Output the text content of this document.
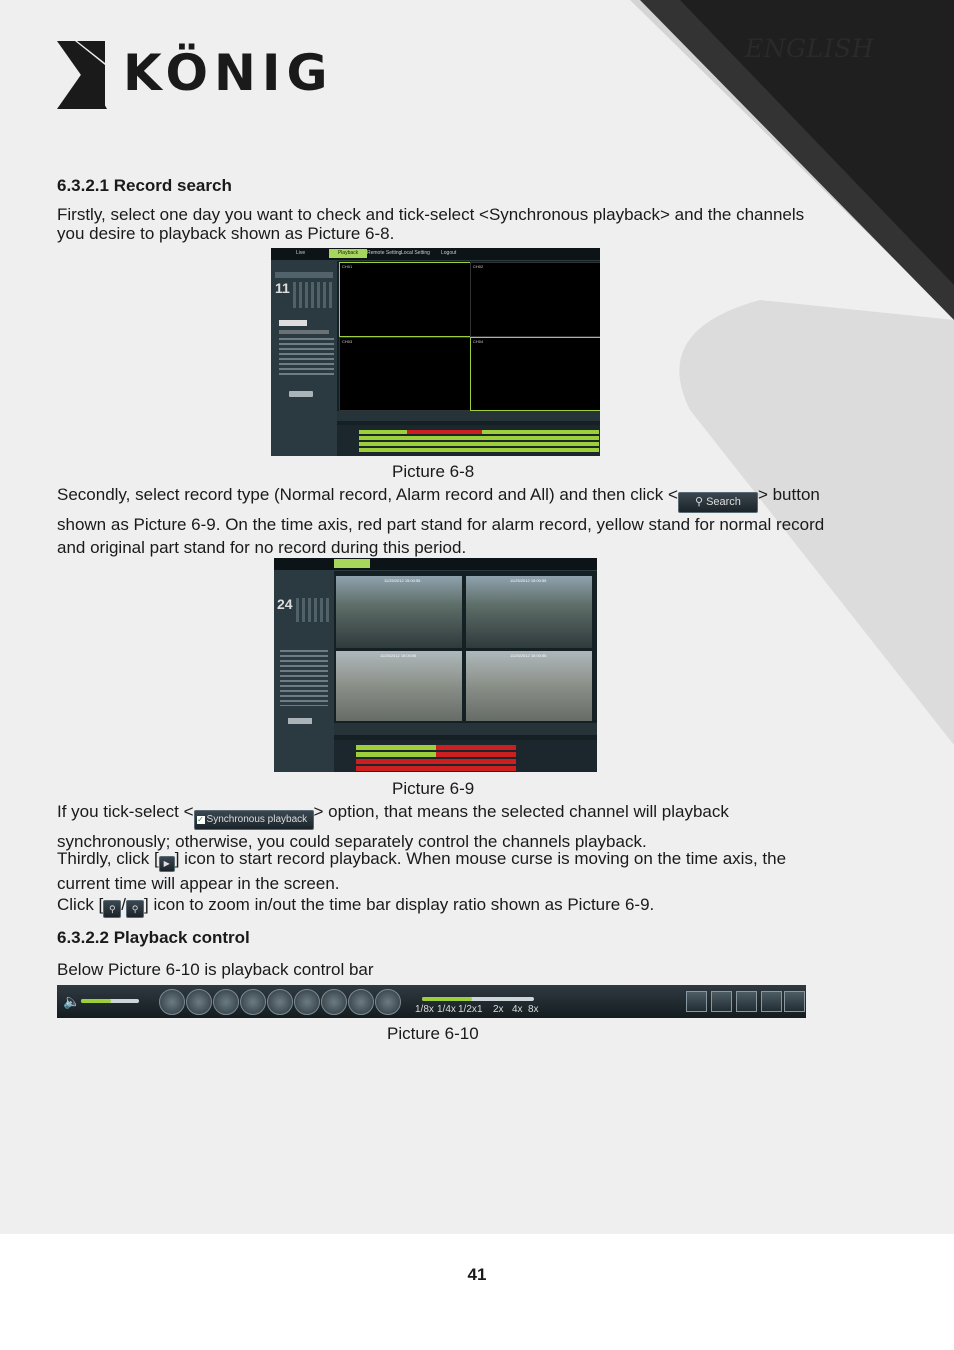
KÖNIG	ENGLISH
6.3.2.1 Record search
Firstly, select one day you want to check and tick-select <Synchronous playback> and the channels you desire to playback shown as Picture 6-8.
Live	Playback	Remote Setting Local Setting Logout
11
CH01	CH02
CH03	CH04
Picture 6-8
Secondly, select record type (Normal record, Alarm record and All) and then click < ⚲ Search > button shown as Picture 6-9. On the time axis, red part stand for alarm record, yellow stand for normal record and original part stand for no record during this period.
24
11/25/2012 15:00:55	11/25/2012 15:00:55
11/25/2012 15:00:55	11/25/2012 15:00:55
Picture 6-9
If you tick-select < ✓ Synchronous playback > option, that means the selected channel will playback synchronously; otherwise, you could separately control the channels playback.
Thirdly, click [ ▶ ] icon to start record playback. When mouse curse is moving on the time axis, the current time will appear in the screen.
Click [ ⚲ / ⚲ ] icon to zoom in/out the time bar display ratio shown as Picture 6-9.
6.3.2.2 Playback control
Below Picture 6-10 is playback control bar
🔈
1/8x 1/4x 1/2x 1 2x 4x 8x
Picture 6-10
41
